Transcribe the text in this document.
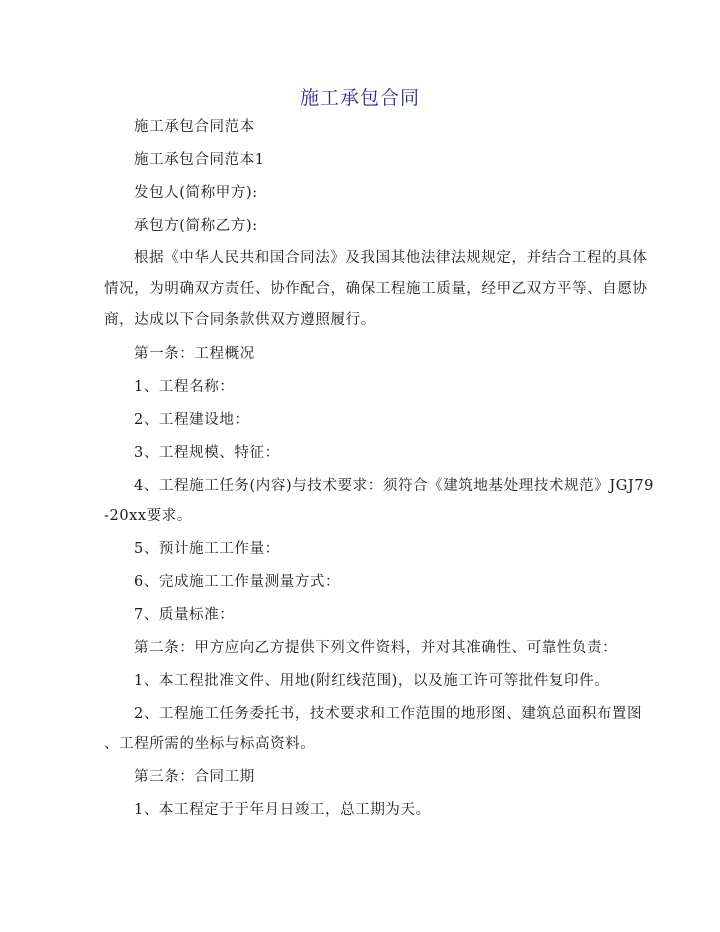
施工承包合同
施工承包合同范本
施工承包合同范本1
发包人(简称甲方):
承包方(简称乙方):
根据《中华人民共和国合同法》及我国其他法律法规规定，并结合工程的具体
情况，为明确双方责任、协作配合，确保工程施工质量，经甲乙双方平等、自愿协
商，达成以下合同条款供双方遵照履行。
第一条：工程概况
1、工程名称：
2、工程建设地：
3、工程规模、特征：
4、工程施工任务(内容)与技术要求：须符合《建筑地基处理技术规范》JGJ79
-20xx要求。
5、预计施工工作量：
6、完成施工工作量测量方式：
7、质量标准：
第二条：甲方应向乙方提供下列文件资料，并对其准确性、可靠性负责：
1、本工程批准文件、用地(附红线范围)，以及施工许可等批件复印件。
2、工程施工任务委托书，技术要求和工作范围的地形图、建筑总面积布置图
、工程所需的坐标与标高资料。
第三条：合同工期
1、本工程定于于年月日竣工，总工期为天。
